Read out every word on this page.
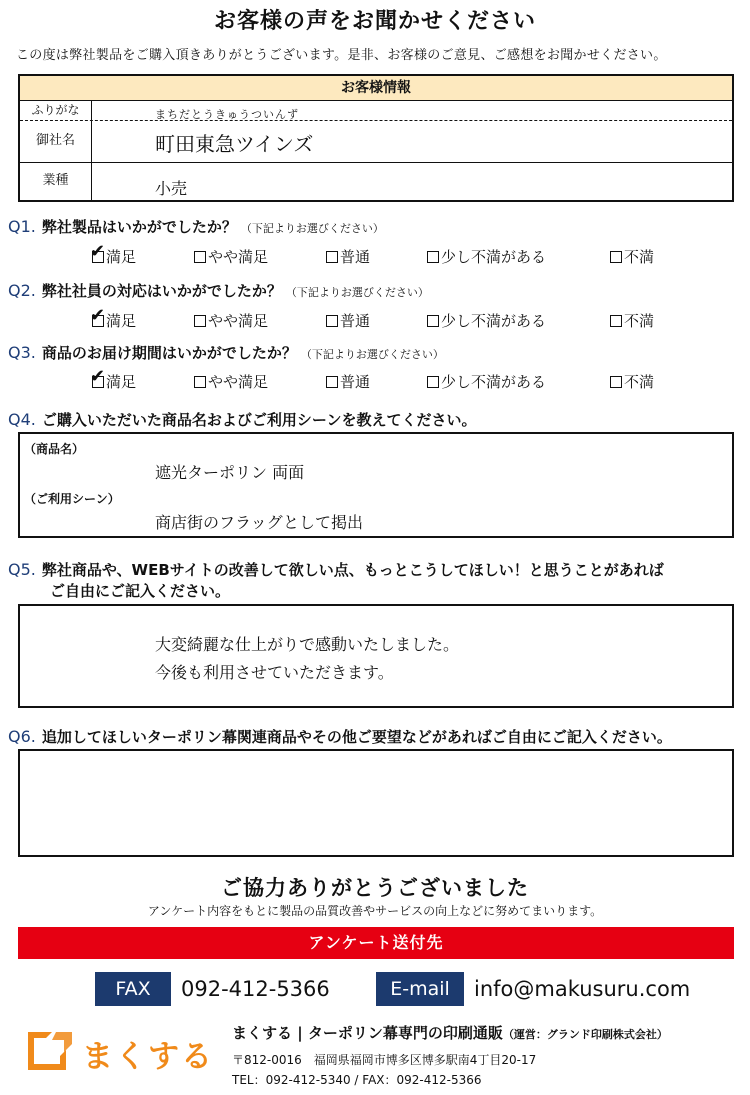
お客様の声をお聞かせください
この度は弊社製品をご購入頂きありがとうございます。是非、お客様のご意見、ご感想をお聞かせください。
お客様情報
ふりがな	まちだとうきゅうついんず
御社名	町田東急ツインズ
業種	小売
Q1. 弊社製品はいかがでしたか？ （下記よりお選びください）
✔ 満足	やや満足	普通	少し不満がある	不満
Q2. 弊社社員の対応はいかがでしたか？ （下記よりお選びください）
✔ 満足	やや満足	普通	少し不満がある	不満
Q3. 商品のお届け期間はいかがでしたか？ （下記よりお選びください）
✔ 満足	やや満足	普通	少し不満がある	不満
Q4. ご購入いただいた商品名およびご利用シーンを教えてください。
（商品名）
遮光ターポリン 両面
（ご利用シーン）
商店街のフラッグとして掲出
Q5. 弊社商品や、WEBサイトの改善して欲しい点、もっとこうしてほしい！と思うことがあれば
ご自由にご記入ください。
大変綺麗な仕上がりで感動いたしました。
今後も利用させていただきます。
Q6. 追加してほしいターポリン幕関連商品やその他ご要望などがあればご自由にご記入ください。
ご協力ありがとうございました
アンケート内容をもとに製品の品質改善やサービスの向上などに努めてまいります。
アンケート送付先
FAX	092-412-5366	E-mail	info@makusuru.com
まくする
まくする | ターポリン幕専門の印刷通販（運営：グランド印刷株式会社）
〒812-0016　福岡県福岡市博多区博多駅南4丁目20-17
TEL：092-412-5340 / FAX：092-412-5366
